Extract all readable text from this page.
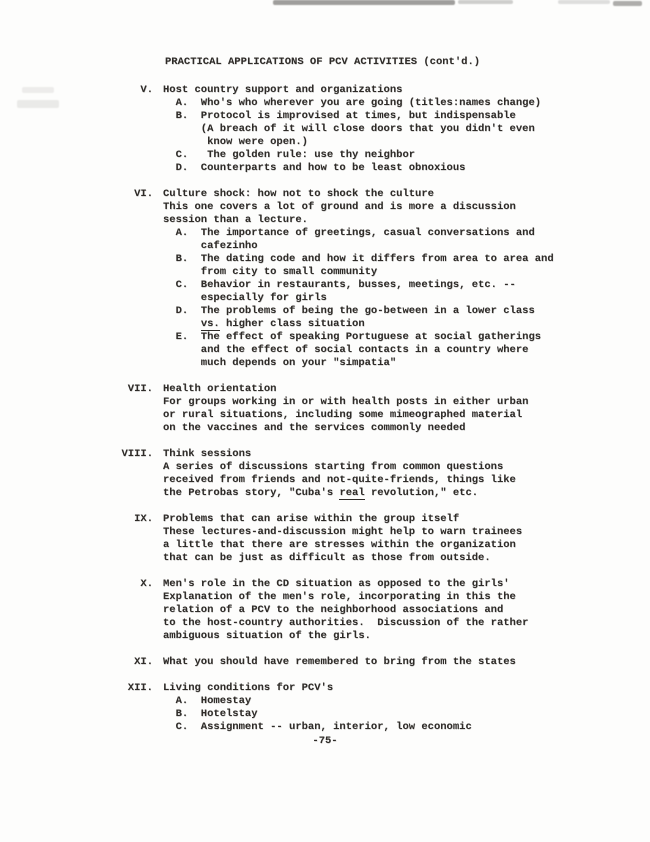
PRACTICAL APPLICATIONS OF PCV ACTIVITIES (cont'd.)
V. Host country support and organizations
A.  Who's who wherever you are going (titles:names change)
B.  Protocol is improvised at times, but indispensable
(A breach of it will close doors that you didn't even
know were open.)
C.   The golden rule: use thy neighbor
D.  Counterparts and how to be least obnoxious
VI. Culture shock: how not to shock the culture
This one covers a lot of ground and is more a discussion
session than a lecture.
A.  The importance of greetings, casual conversations and
cafezinho
B.  The dating code and how it differs from area to area and
from city to small community
C.  Behavior in restaurants, busses, meetings, etc. --
especially for girls
D.  The problems of being the go-between in a lower class
vs. higher class situation
E.  The effect of speaking Portuguese at social gatherings
and the effect of social contacts in a country where
much depends on your "simpatia"
VII. Health orientation
For groups working in or with health posts in either urban
or rural situations, including some mimeographed material
on the vaccines and the services commonly needed
VIII. Think sessions
A series of discussions starting from common questions
received from friends and not-quite-friends, things like
the Petrobas story, "Cuba's real revolution," etc.
IX. Problems that can arise within the group itself
These lectures-and-discussion might help to warn trainees
a little that there are stresses within the organization
that can be just as difficult as those from outside.
X. Men's role in the CD situation as opposed to the girls'
Explanation of the men's role, incorporating in this the
relation of a PCV to the neighborhood associations and
to the host-country authorities.  Discussion of the rather
ambiguous situation of the girls.
XI. What you should have remembered to bring from the states
XII. Living conditions for PCV's
A.  Homestay
B.  Hotelstay
C.  Assignment -- urban, interior, low economic
-75-
